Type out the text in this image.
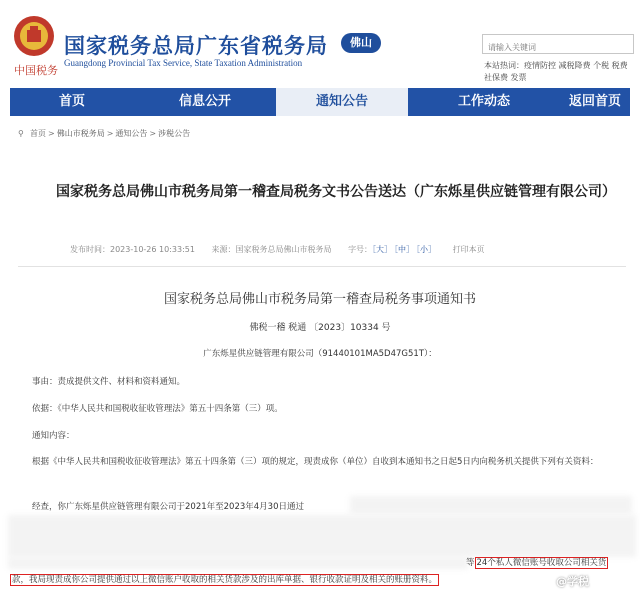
中国税务
国家税务总局广东省税务局
Guangdong Provincial Tax Service, State Taxation Administration
佛山
请输入关键词
本站热词：疫情防控 减税降费 个税 税费
社保费 发票
首页	信息公开	通知公告	工作动态	返回首页
⚲ 首页 > 佛山市税务局 > 通知公告 > 涉税公告
国家税务总局佛山市税务局第一稽查局税务文书公告送达（广东烁星供应链管理有限公司）
发布时间：2023-10-26 10:33:51 来源：国家税务总局佛山市税务局 字号：［大］ ［中］ ［小］ 打印本页
国家税务总局佛山市税务局第一稽查局税务事项通知书
佛税一稽 税通 〔2023〕10334 号
广东烁星供应链管理有限公司（91440101MA5D47G51T）：
事由：责成提供文件、材料和资料通知。
依据：《中华人民共和国税收征收管理法》第五十四条第（三）项。
通知内容：
根据《中华人民共和国税收征收管理法》第五十四条第（三）项的规定，现责成你（单位）自收到本通知书之日起5日内向税务机关提供下列有关资料：
经查，你广东烁星供应链管理有限公司于2021年至2023年4月30日通过
等 24个私人微信账号收取公司相关货
款，我局现责成你公司提供通过以上微信账户收取的相关货款涉及的出库单据、银行收款证明及相关的账册资料。	@学税
